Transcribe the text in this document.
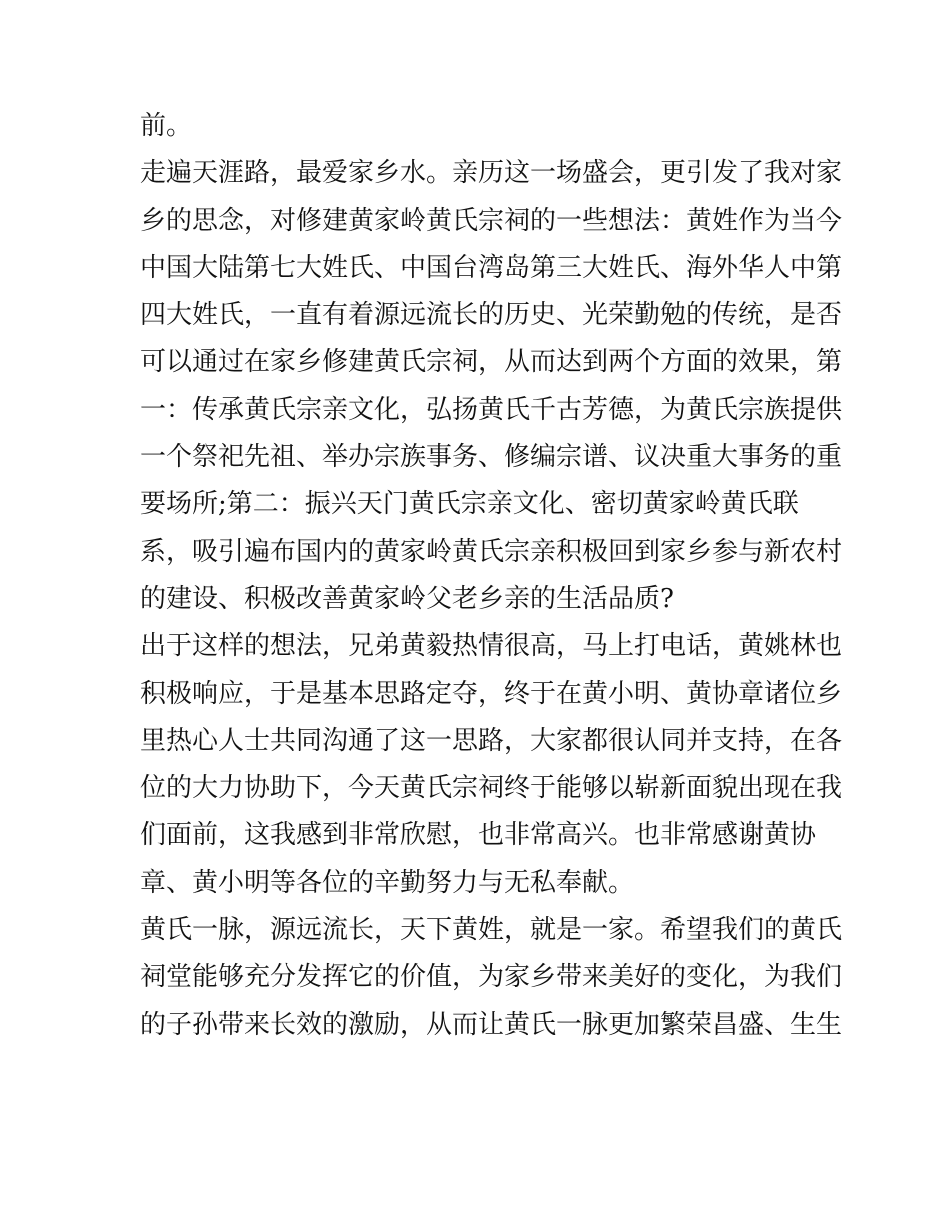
前。
走遍天涯路，最爱家乡水。亲历这一场盛会，更引发了我对家
乡的思念，对修建黄家岭黄氏宗祠的一些想法：黄姓作为当今
中国大陆第七大姓氏、中国台湾岛第三大姓氏、海外华人中第
四大姓氏，一直有着源远流长的历史、光荣勤勉的传统，是否
可以通过在家乡修建黄氏宗祠，从而达到两个方面的效果，第
一：传承黄氏宗亲文化，弘扬黄氏千古芳德，为黄氏宗族提供
一个祭祀先祖、举办宗族事务、修编宗谱、议决重大事务的重
要场所;第二：振兴天门黄氏宗亲文化、密切黄家岭黄氏联
系，吸引遍布国内的黄家岭黄氏宗亲积极回到家乡参与新农村
的建设、积极改善黄家岭父老乡亲的生活品质?
出于这样的想法，兄弟黄毅热情很高，马上打电话，黄姚林也
积极响应，于是基本思路定夺，终于在黄小明、黄协章诸位乡
里热心人士共同沟通了这一思路，大家都很认同并支持，在各
位的大力协助下，今天黄氏宗祠终于能够以崭新面貌出现在我
们面前，这我感到非常欣慰，也非常高兴。也非常感谢黄协
章、黄小明等各位的辛勤努力与无私奉献。
黄氏一脉，源远流长，天下黄姓，就是一家。希望我们的黄氏
祠堂能够充分发挥它的价值，为家乡带来美好的变化，为我们
的子孙带来长效的激励，从而让黄氏一脉更加繁荣昌盛、生生
